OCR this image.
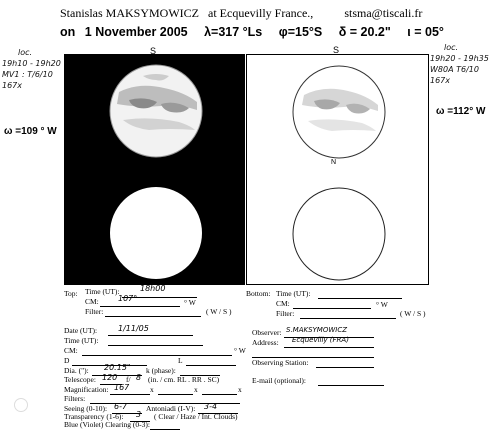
Stanislas MAKSYMOWICZ at Ecquevilly France.,	stsma@tiscali.fr
on 1 November 2005 λ=317 °Ls φ=15°S δ = 20.2" ι = 05°
loc.
19h10 - 19h20
MV1 : T/6/10
167x
ω =109 ° W
loc.
19h20 - 19h35
W80A T6/10
167x
ω =112° W
S	S
N
Top: Time (UT):	18h00
CM: 107°	° W
Filter:	( W / S )
Bottom: Time (UT):
CM:	° W
Filter:	( W / S )
Date (UT):	1/11/05
Time (UT):
CM:	° W
D	L
Dia. ("): 20.15" k (phase):
Telescope: 120 f/ 8 (in. / cm. RL . RR . SC)
Magnification: 167	x	x	x
Filters:
Seeing (0-10): 6-7	Antoniadi (I-V): 3-4
Transparency (1-6): 3 ( Clear / Haze / Int. Clouds)
Blue (Violet) Clearing (0-3):
Observer: S.MAKSYMOWICZ
Address: Ecquevilly (FRA)
Observing Station:
E-mail (optional):
